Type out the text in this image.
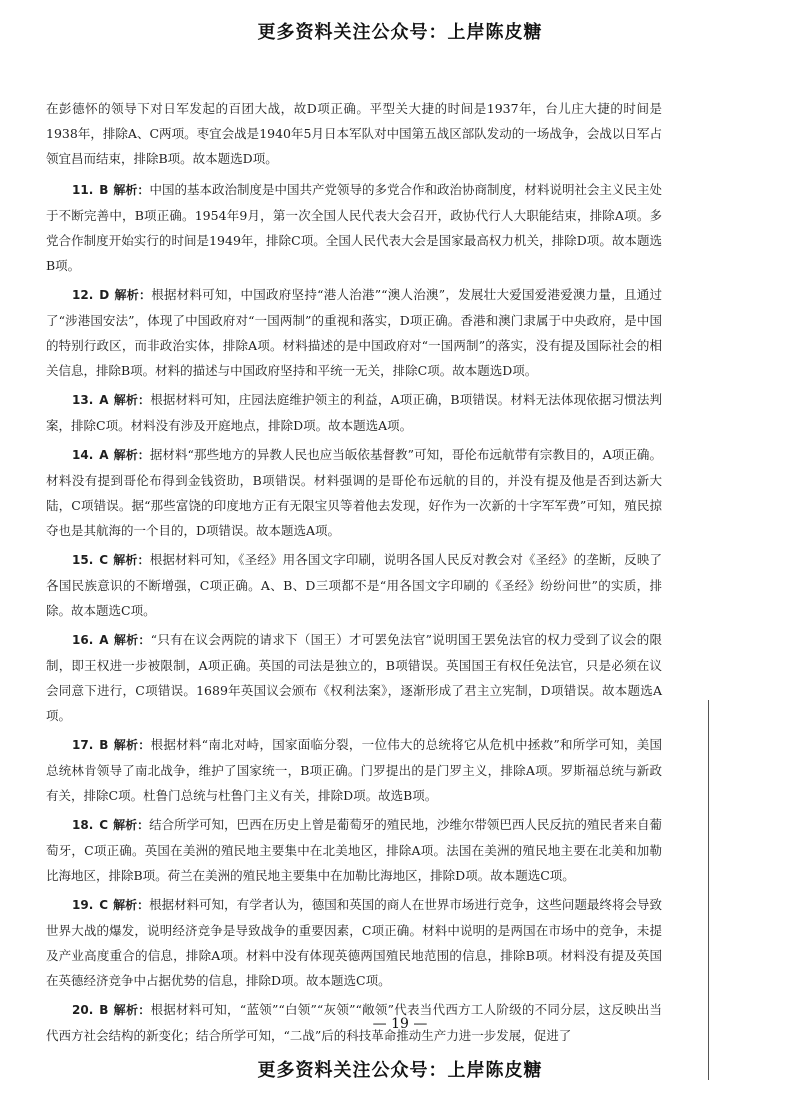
更多资料关注公众号：上岸陈皮糖

在彭德怀的领导下对日军发起的百团大战，故D项正确。平型关大捷的时间是1937年，台儿庄大捷的时间是1938年，排除A、C两项。枣宜会战是1940年5月日本军队对中国第五战区部队发动的一场战争，会战以日军占领宜昌而结束，排除B项。故本题选D项。

11. B 解析：中国的基本政治制度是中国共产党领导的多党合作和政治协商制度，材料说明社会主义民主处于不断完善中，B项正确。1954年9月，第一次全国人民代表大会召开，政协代行人大职能结束，排除A项。多党合作制度开始实行的时间是1949年，排除C项。全国人民代表大会是国家最高权力机关，排除D项。故本题选B项。

12. D 解析：根据材料可知，中国政府坚持“港人治港”“澳人治澳”，发展壮大爱国爱港爱澳力量，且通过了“涉港国安法”，体现了中国政府对“一国两制”的重视和落实，D项正确。香港和澳门隶属于中央政府，是中国的特别行政区，而非政治实体，排除A项。材料描述的是中国政府对“一国两制”的落实，没有提及国际社会的相关信息，排除B项。材料的描述与中国政府坚持和平统一无关，排除C项。故本题选D项。

13. A 解析：根据材料可知，庄园法庭维护领主的利益，A项正确，B项错误。材料无法体现依据习惯法判案，排除C项。材料没有涉及开庭地点，排除D项。故本题选A项。

14. A 解析：据材料“那些地方的异教人民也应当皈依基督教”可知，哥伦布远航带有宗教目的，A项正确。材料没有提到哥伦布得到金钱资助，B项错误。材料强调的是哥伦布远航的目的，并没有提及他是否到达新大陆，C项错误。据“那些富饶的印度地方正有无限宝贝等着他去发现，好作为一次新的十字军军费”可知，殖民掠夺也是其航海的一个目的，D项错误。故本题选A项。

15. C 解析：根据材料可知，《圣经》用各国文字印刷，说明各国人民反对教会对《圣经》的垄断，反映了各国民族意识的不断增强，C项正确。A、B、D三项都不是“用各国文字印刷的《圣经》纷纷问世”的实质，排除。故本题选C项。

16. A 解析：“只有在议会两院的请求下（国王）才可罢免法官”说明国王罢免法官的权力受到了议会的限制，即王权进一步被限制，A项正确。英国的司法是独立的，B项错误。英国国王有权任免法官，只是必须在议会同意下进行，C项错误。1689年英国议会颁布《权利法案》，逐渐形成了君主立宪制，D项错误。故本题选A项。

17. B 解析：根据材料“南北对峙，国家面临分裂，一位伟大的总统将它从危机中拯救”和所学可知，美国总统林肯领导了南北战争，维护了国家统一，B项正确。门罗提出的是门罗主义，排除A项。罗斯福总统与新政有关，排除C项。杜鲁门总统与杜鲁门主义有关，排除D项。故选B项。

18. C 解析：结合所学可知，巴西在历史上曾是葡萄牙的殖民地，沙维尔带领巴西人民反抗的殖民者来自葡萄牙，C项正确。英国在美洲的殖民地主要集中在北美地区，排除A项。法国在美洲的殖民地主要在北美和加勒比海地区，排除B项。荷兰在美洲的殖民地主要集中在加勒比海地区，排除D项。故本题选C项。

19. C 解析：根据材料可知，有学者认为，德国和英国的商人在世界市场进行竞争，这些问题最终将会导致世界大战的爆发，说明经济竞争是导致战争的重要因素，C项正确。材料中说明的是两国在市场中的竞争，未提及产业高度重合的信息，排除A项。材料中没有体现英德两国殖民地范围的信息，排除B项。材料没有提及英国在英德经济竞争中占据优势的信息，排除D项。故本题选C项。

20. B 解析：根据材料可知，“蓝领”“白领”“灰领”“敞领”代表当代西方工人阶级的不同分层，这反映出当代西方社会结构的新变化；结合所学可知，“二战”后的科技革命推动生产力进一步发展，促进了

— 19 —
更多资料关注公众号：上岸陈皮糖
